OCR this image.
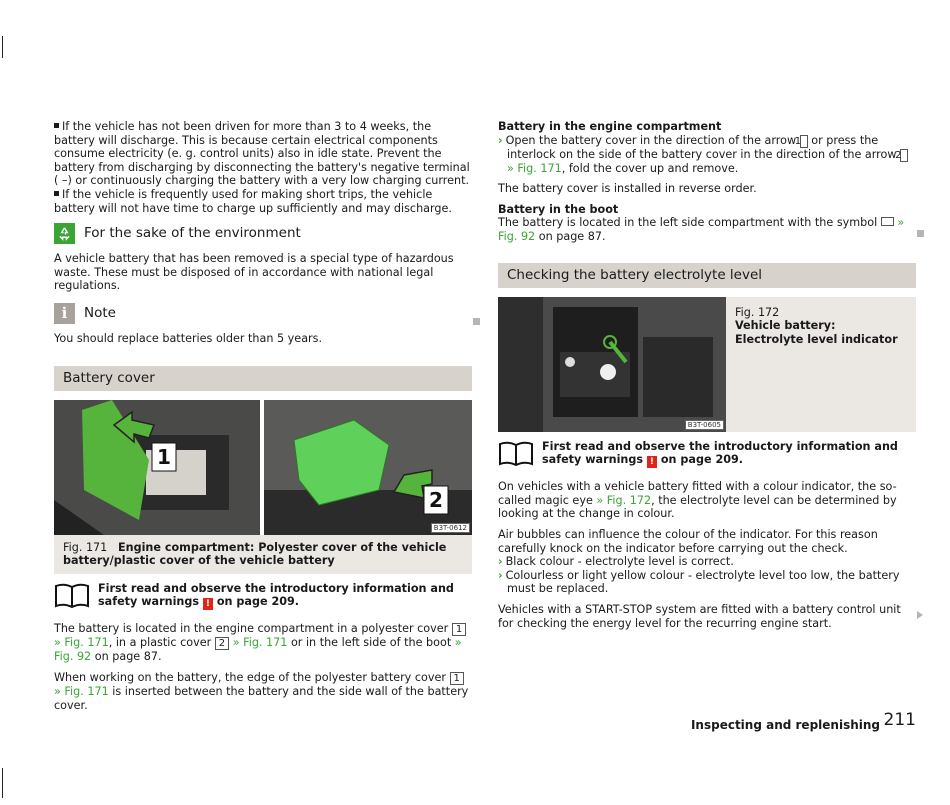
If the vehicle has not been driven for more than 3 to 4 weeks, the battery will discharge. This is because certain electrical components consume electricity (e. g. control units) also in idle state. Prevent the battery from discharging by disconnecting the battery's negative terminal ( –) or continuously charging the battery with a very low charging current.
If the vehicle is frequently used for making short trips, the vehicle battery will not have time to charge up sufficiently and may discharge.

For the sake of the environment

A vehicle battery that has been removed is a special type of hazardous waste. These must be disposed of in accordance with national legal regulations.

i	Note

You should replace batteries older than 5 years.

Battery cover
1
2
B3T-0612
Fig. 171 Engine compartment: Polyester cover of the vehicle battery/plastic cover of the vehicle battery
First read and observe the introductory information and safety warnings ! on page 209.

The battery is located in the engine compartment in a polyester cover 1 » Fig. 171, in a plastic cover 2 » Fig. 171 or in the left side of the boot » Fig. 92 on page 87.

When working on the battery, the edge of the polyester battery cover 1 » Fig. 171 is inserted between the battery and the side wall of the battery cover.

Battery in the engine compartment

› Open the battery cover in the direction of the arrow 1 or press the interlock on the side of the battery cover in the direction of the arrow 2 » Fig. 171, fold the cover up and remove.

The battery cover is installed in reverse order.

Battery in the boot

The battery is located in the left side compartment with the symbol » Fig. 92 on page 87.

Checking the battery electrolyte level
B3T-0605
Fig. 172
Vehicle battery: Electrolyte level indicator
First read and observe the introductory information and safety warnings ! on page 209.

On vehicles with a vehicle battery fitted with a colour indicator, the so-called magic eye » Fig. 172, the electrolyte level can be determined by looking at the change in colour.

Air bubbles can influence the colour of the indicator. For this reason carefully knock on the indicator before carrying out the check.

› Black colour - electrolyte level is correct.

› Colourless or light yellow colour - electrolyte level too low, the battery must be replaced.

Vehicles with a START-STOP system are fitted with a battery control unit for checking the energy level for the recurring engine start.

Inspecting and replenishing 211
